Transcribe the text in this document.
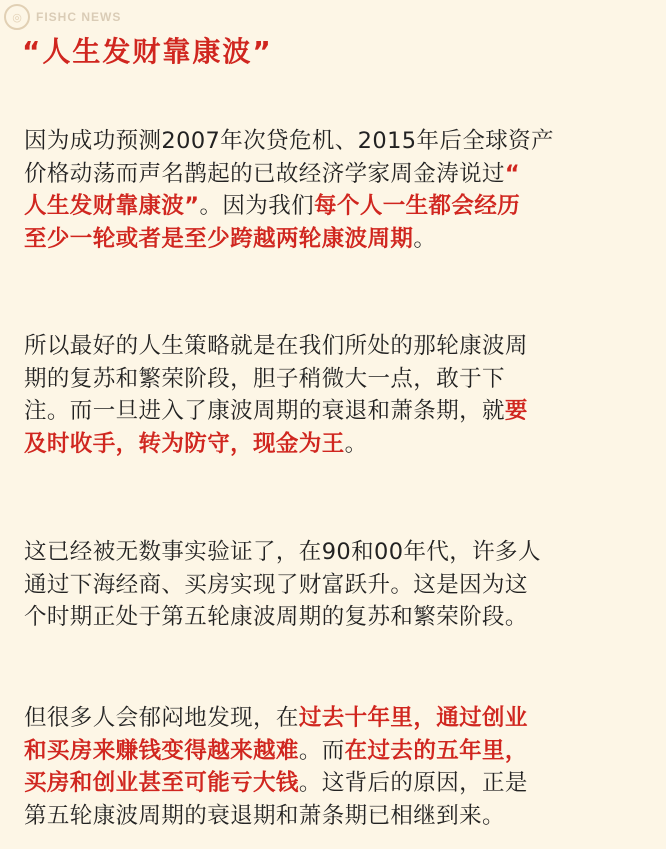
◎	FISHC NEWS
“人生发财靠康波”

因为成功预测2007年次贷危机、2015年后全球资产
价格动荡而声名鹊起的已故经济学家周金涛说过“
人生发财靠康波”。因为我们每个人一生都会经历
至少一轮或者是至少跨越两轮康波周期。

所以最好的人生策略就是在我们所处的那轮康波周
期的复苏和繁荣阶段，胆子稍微大一点，敢于下
注。而一旦进入了康波周期的衰退和萧条期，就要
及时收手，转为防守，现金为王。

这已经被无数事实验证了，在90和00年代，许多人
通过下海经商、买房实现了财富跃升。这是因为这
个时期正处于第五轮康波周期的复苏和繁荣阶段。

但很多人会郁闷地发现，在过去十年里，通过创业
和买房来赚钱变得越来越难。而在过去的五年里，
买房和创业甚至可能亏大钱。这背后的原因，正是
第五轮康波周期的衰退期和萧条期已相继到来。
